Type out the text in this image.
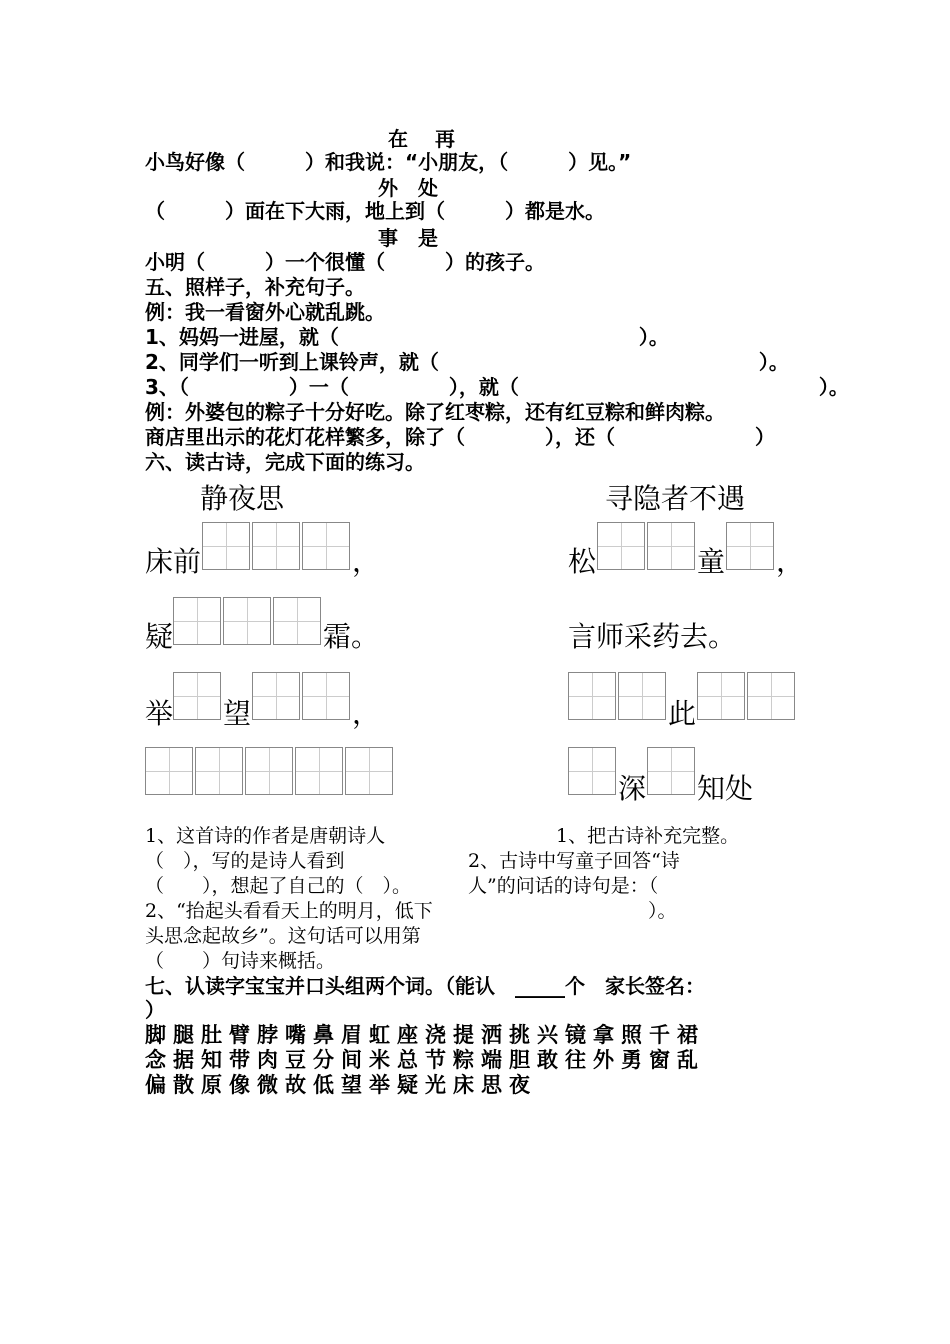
在　 再
小鸟好像（　　　）和我说：“小朋友，（　　　）见。”
外　处
（　　　）面在下大雨，地上到（　　　）都是水。
事　是
小明（　　　）一个很懂（　　　）的孩子。
五、照样子，补充句子。
例：我一看窗外心就乱跳。
1、妈妈一进屋，就（　　　　　　　　　　　　　　　）。
2、同学们一听到上课铃声，就（　　　　　　　　　　　　　　　　）。
3、（　　　　　）一（　　　　　），就（　　　　　　　　　　　　　　　）。
例：外婆包的粽子十分好吃。除了红枣粽，还有红豆粽和鲜肉粽。
商店里出示的花灯花样繁多，除了（　　　　），还（　　　　　　　）
六、读古诗，完成下面的练习。
静夜思
床前	，
疑	霜。
举 望	，
寻隐者不遇
松	童 ，
言师采药去。
此
深 知处
1、这首诗的作者是唐朝诗人
（　），写的是诗人看到
（　　），想起了自己的（　）。
2、“抬起头看看天上的明月，低下
头思念起故乡”。这句话可以用第
（　　）句诗来概括。
1、把古诗补充完整。
2、古诗中写童子回答“诗
人”的问话的诗句是：（
）。
七、认读字宝宝并口头组两个词。（能认　_____个　家长签名：
）
脚腿肚臂脖嘴鼻眉虹座浇提洒挑兴镜拿照千裙
念据知带肉豆分间米总节粽端胆敢往外勇窗乱
偏散原像微故低望举疑光床思夜
